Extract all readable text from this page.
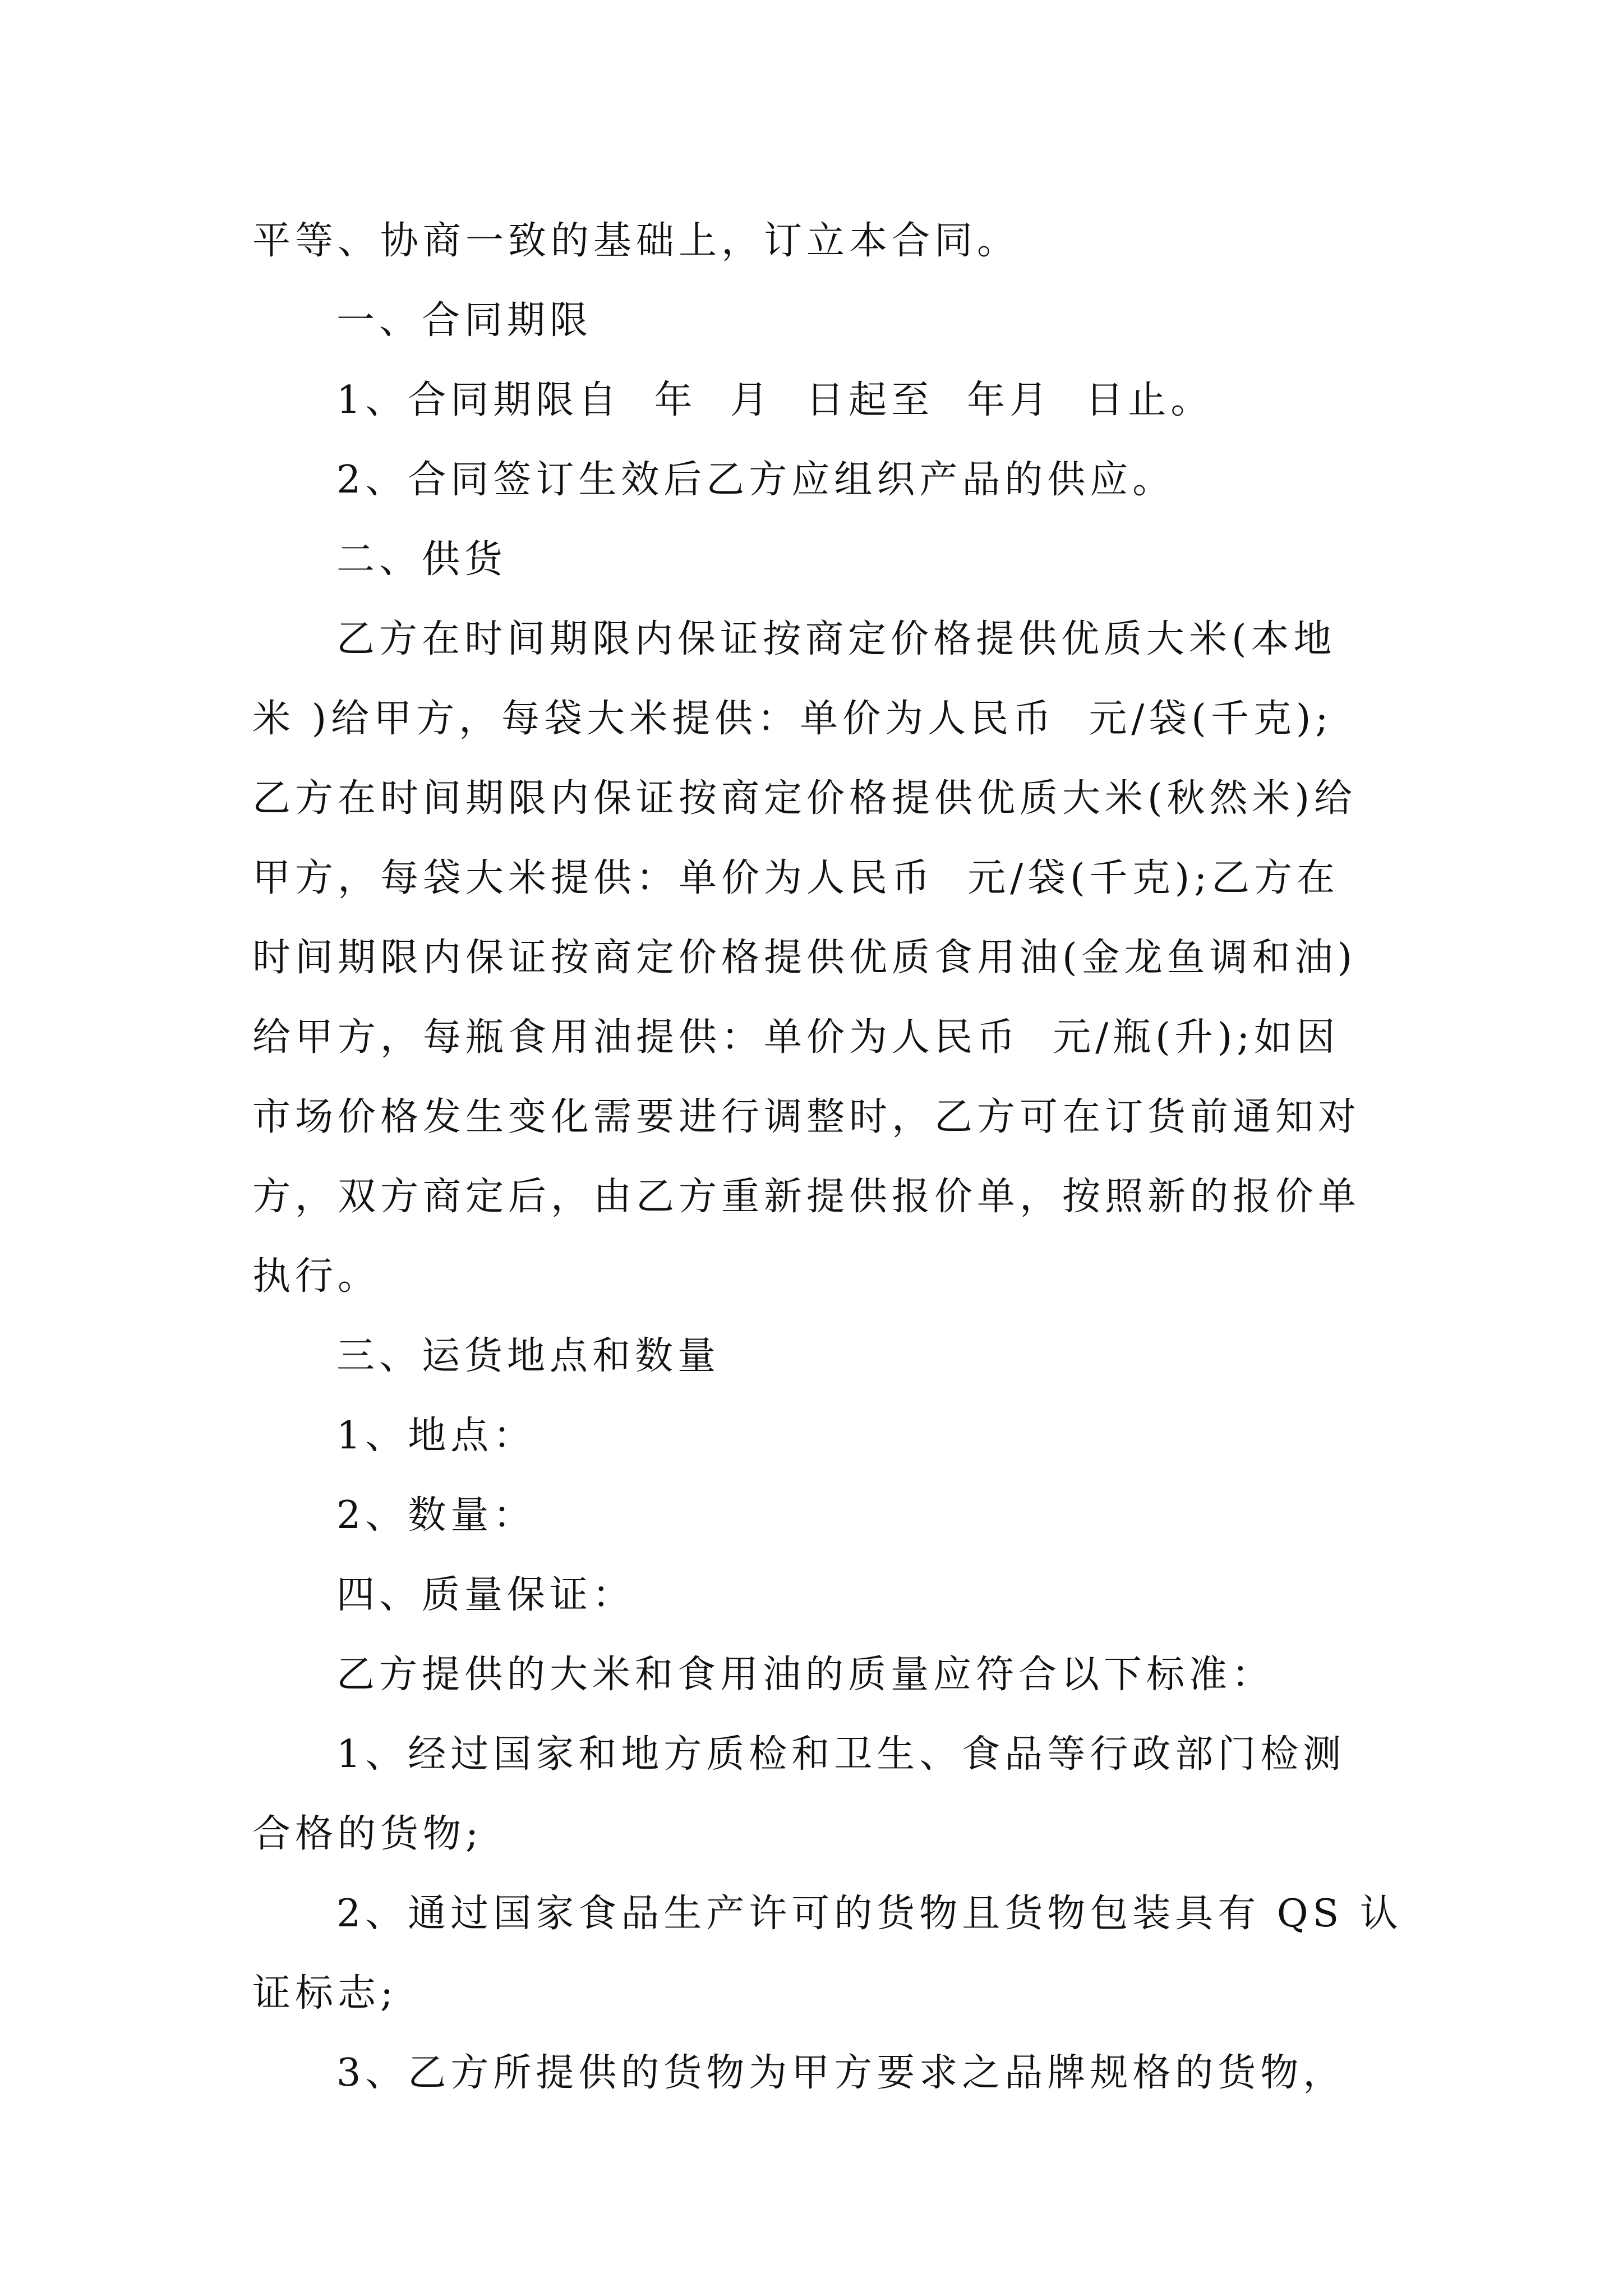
平等、协商一致的基础上，订立本合同。
一、合同期限
1、合同期限自  年  月  日起至  年月  日止。
2、合同签订生效后乙方应组织产品的供应。
二、供货
乙方在时间期限内保证按商定价格提供优质大米(本地
米 )给甲方，每袋大米提供：单价为人民币  元/袋(千克);
乙方在时间期限内保证按商定价格提供优质大米(秋然米)给
甲方，每袋大米提供：单价为人民币  元/袋(千克);乙方在
时间期限内保证按商定价格提供优质食用油(金龙鱼调和油)
给甲方，每瓶食用油提供：单价为人民币  元/瓶(升);如因
市场价格发生变化需要进行调整时，乙方可在订货前通知对
方，双方商定后，由乙方重新提供报价单，按照新的报价单
执行。
三、运货地点和数量
1、地点：
2、数量：
四、质量保证：
乙方提供的大米和食用油的质量应符合以下标准：
1、经过国家和地方质检和卫生、食品等行政部门检测
合格的货物;
2、通过国家食品生产许可的货物且货物包装具有 QS 认
证标志;
3、乙方所提供的货物为甲方要求之品牌规格的货物，
